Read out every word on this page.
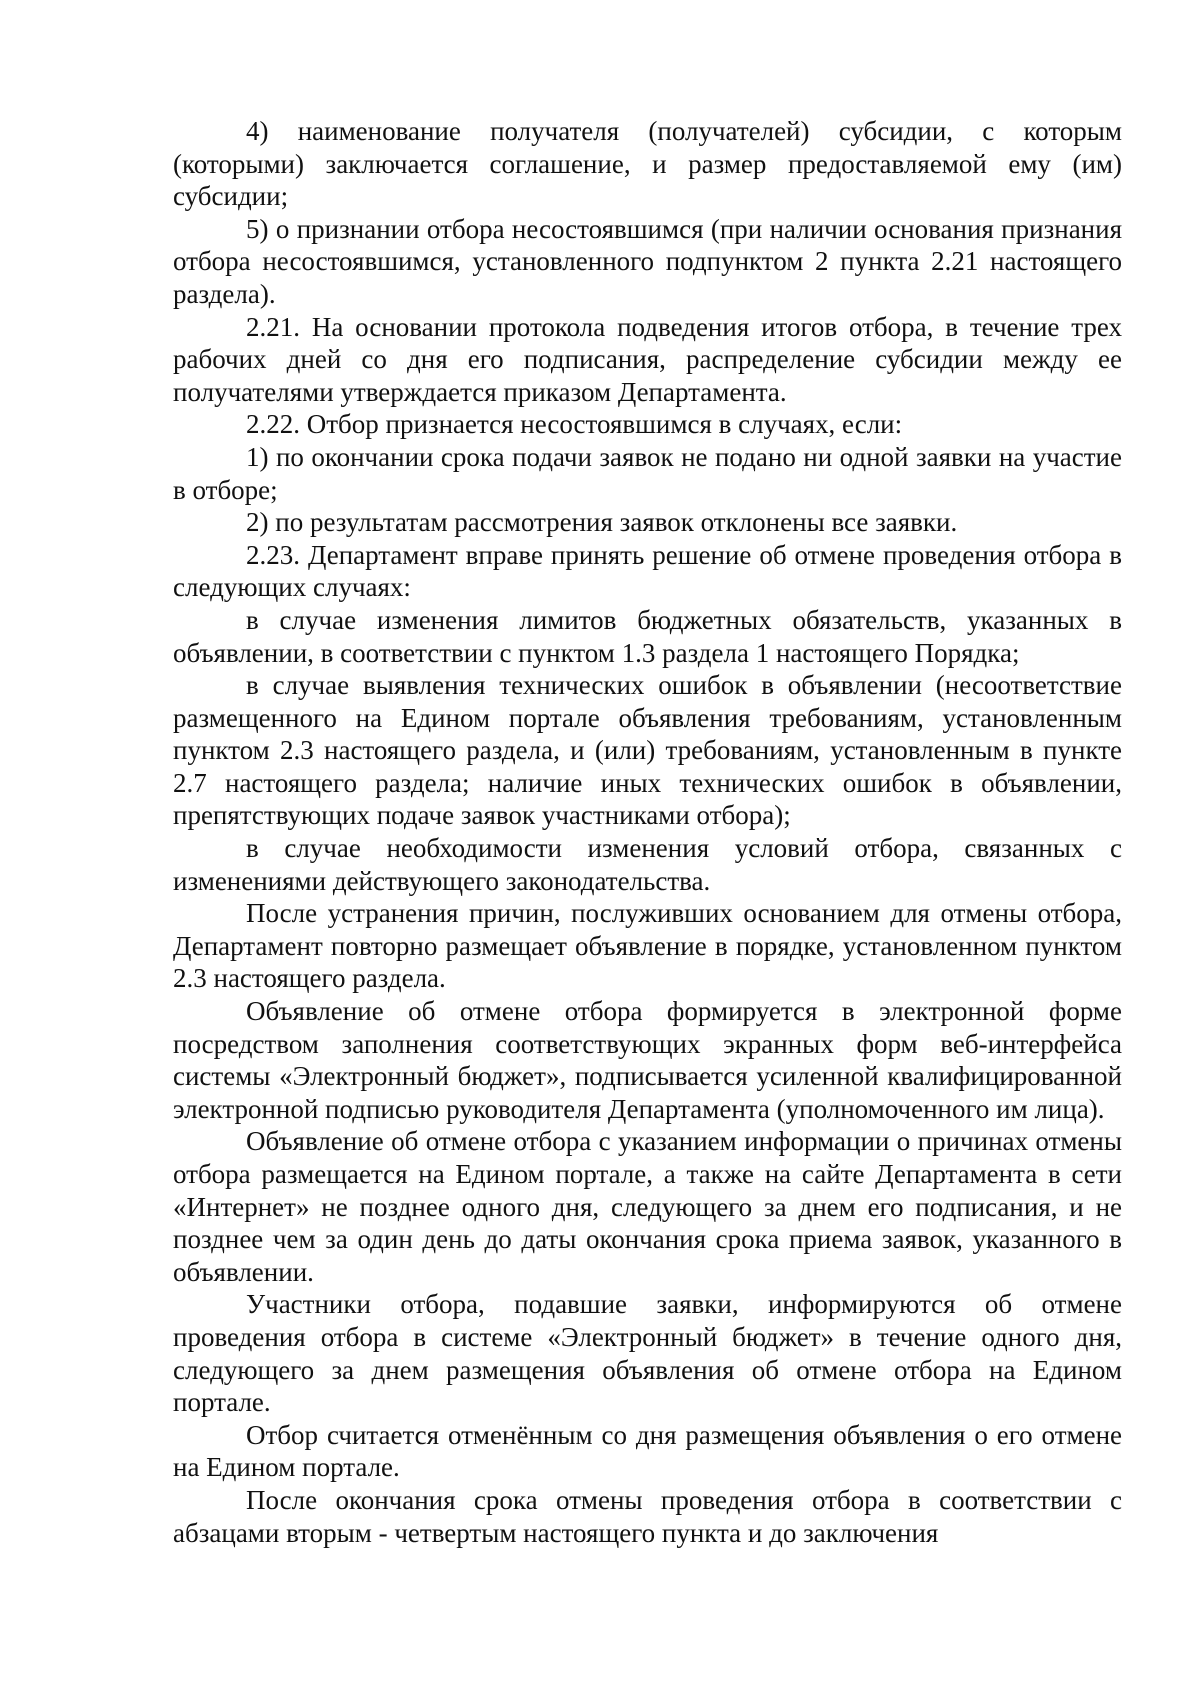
4) наименование получателя (получателей) субсидии, с которым (которыми) заключается соглашение, и размер предоставляемой ему (им) субсидии;

5) о признании отбора несостоявшимся (при наличии основания признания отбора несостоявшимся, установленного подпунктом 2 пункта 2.21 настоящего раздела).

2.21. На основании протокола подведения итогов отбора, в течение трех рабочих дней со дня его подписания, распределение субсидии между ее получателями утверждается приказом Департамента.

2.22. Отбор признается несостоявшимся в случаях, если:

1) по окончании срока подачи заявок не подано ни одной заявки на участие в отборе;

2) по результатам рассмотрения заявок отклонены все заявки.

2.23. Департамент вправе принять решение об отмене проведения отбора в следующих случаях:

в случае изменения лимитов бюджетных обязательств, указанных в объявлении, в соответствии с пунктом 1.3 раздела 1 настоящего Порядка;

в случае выявления технических ошибок в объявлении (несоответствие размещенного на Едином портале объявления требованиям, установленным пунктом 2.3 настоящего раздела, и (или) требованиям, установленным в пункте 2.7 настоящего раздела; наличие иных технических ошибок в объявлении, препятствующих подаче заявок участниками отбора);

в случае необходимости изменения условий отбора, связанных с изменениями действующего законодательства.

После устранения причин, послуживших основанием для отмены отбора, Департамент повторно размещает объявление в порядке, установленном пунктом 2.3 настоящего раздела.

Объявление об отмене отбора формируется в электронной форме посредством заполнения соответствующих экранных форм веб-интерфейса системы «Электронный бюджет», подписывается усиленной квалифицированной электронной подписью руководителя Департамента (уполномоченного им лица).

Объявление об отмене отбора с указанием информации о причинах отмены отбора размещается на Едином портале, а также на сайте Департамента в сети «Интернет» не позднее одного дня, следующего за днем его подписания, и не позднее чем за один день до даты окончания срока приема заявок, указанного в объявлении.

Участники отбора, подавшие заявки, информируются об отмене проведения отбора в системе «Электронный бюджет» в течение одного дня, следующего за днем размещения объявления об отмене отбора на Едином портале.

Отбор считается отменённым со дня размещения объявления о его отмене на Едином портале.

После окончания срока отмены проведения отбора в соответствии с абзацами вторым - четвертым настоящего пункта и до заключения
